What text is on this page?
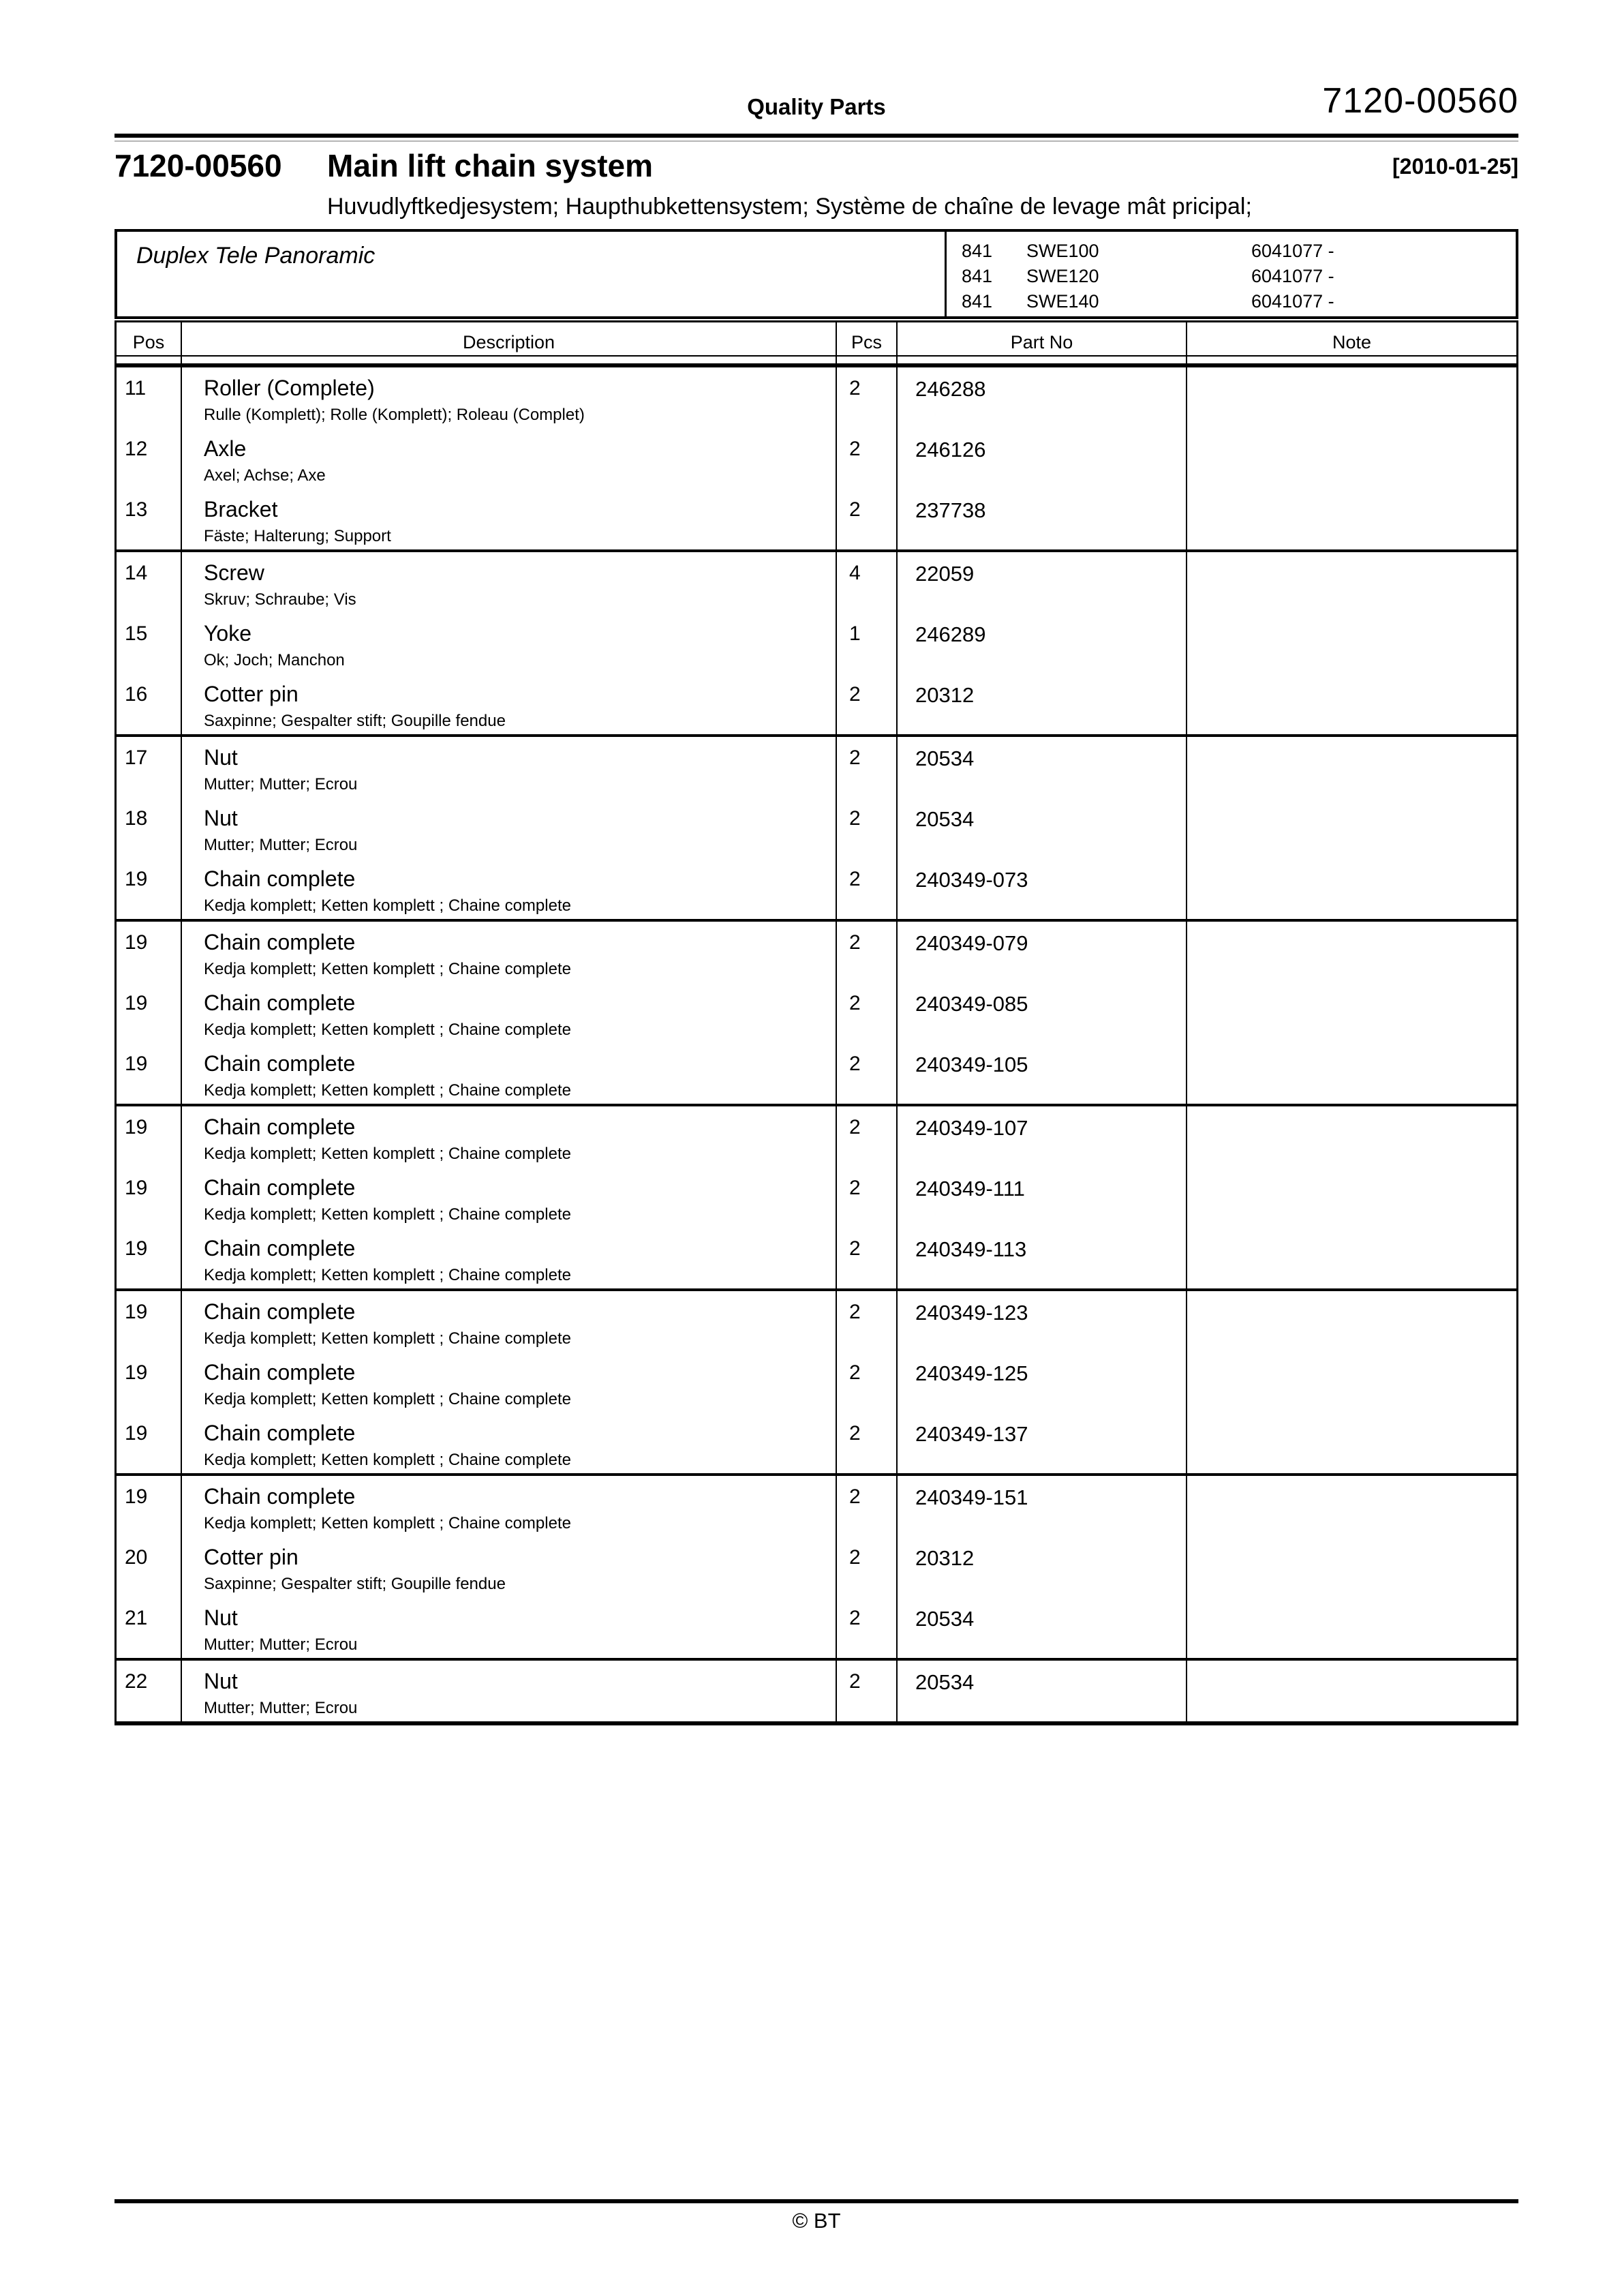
Quality Parts	7120-00560
7120-00560 Main lift chain system	[2010-01-25]
Huvudlyftkedjesystem; Haupthubkettensystem; Système de chaîne de levage mât pricipal;
Duplex Tele Panoramic	841	SWE100	6041077 -
841	SWE120	6041077 -
841	SWE140	6041077 -
Pos	Description	Pcs	Part No	Note
11	Roller (Complete)
Rulle (Komplett); Rolle (Komplett); Roleau (Complet)
2	246288
12	Axle
Axel; Achse; Axe
2	246126
13	Bracket
Fäste; Halterung; Support
2	237738
14	Screw
Skruv; Schraube; Vis
4	22059
15	Yoke
Ok; Joch; Manchon
1	246289
16	Cotter pin
Saxpinne; Gespalter stift; Goupille fendue
2	20312
17	Nut
Mutter; Mutter; Ecrou
2	20534
18	Nut
Mutter; Mutter; Ecrou
2	20534
19	Chain complete
Kedja komplett; Ketten komplett ; Chaine complete
2	240349-073
19	Chain complete
Kedja komplett; Ketten komplett ; Chaine complete
2	240349-079
19	Chain complete
Kedja komplett; Ketten komplett ; Chaine complete
2	240349-085
19	Chain complete
Kedja komplett; Ketten komplett ; Chaine complete
2	240349-105
19	Chain complete
Kedja komplett; Ketten komplett ; Chaine complete
2	240349-107
19	Chain complete
Kedja komplett; Ketten komplett ; Chaine complete
2	240349-111
19	Chain complete
Kedja komplett; Ketten komplett ; Chaine complete
2	240349-113
19	Chain complete
Kedja komplett; Ketten komplett ; Chaine complete
2	240349-123
19	Chain complete
Kedja komplett; Ketten komplett ; Chaine complete
2	240349-125
19	Chain complete
Kedja komplett; Ketten komplett ; Chaine complete
2	240349-137
19	Chain complete
Kedja komplett; Ketten komplett ; Chaine complete
2	240349-151
20	Cotter pin
Saxpinne; Gespalter stift; Goupille fendue
2	20312
21	Nut
Mutter; Mutter; Ecrou
2	20534
22	Nut
Mutter; Mutter; Ecrou
2	20534
© BT
